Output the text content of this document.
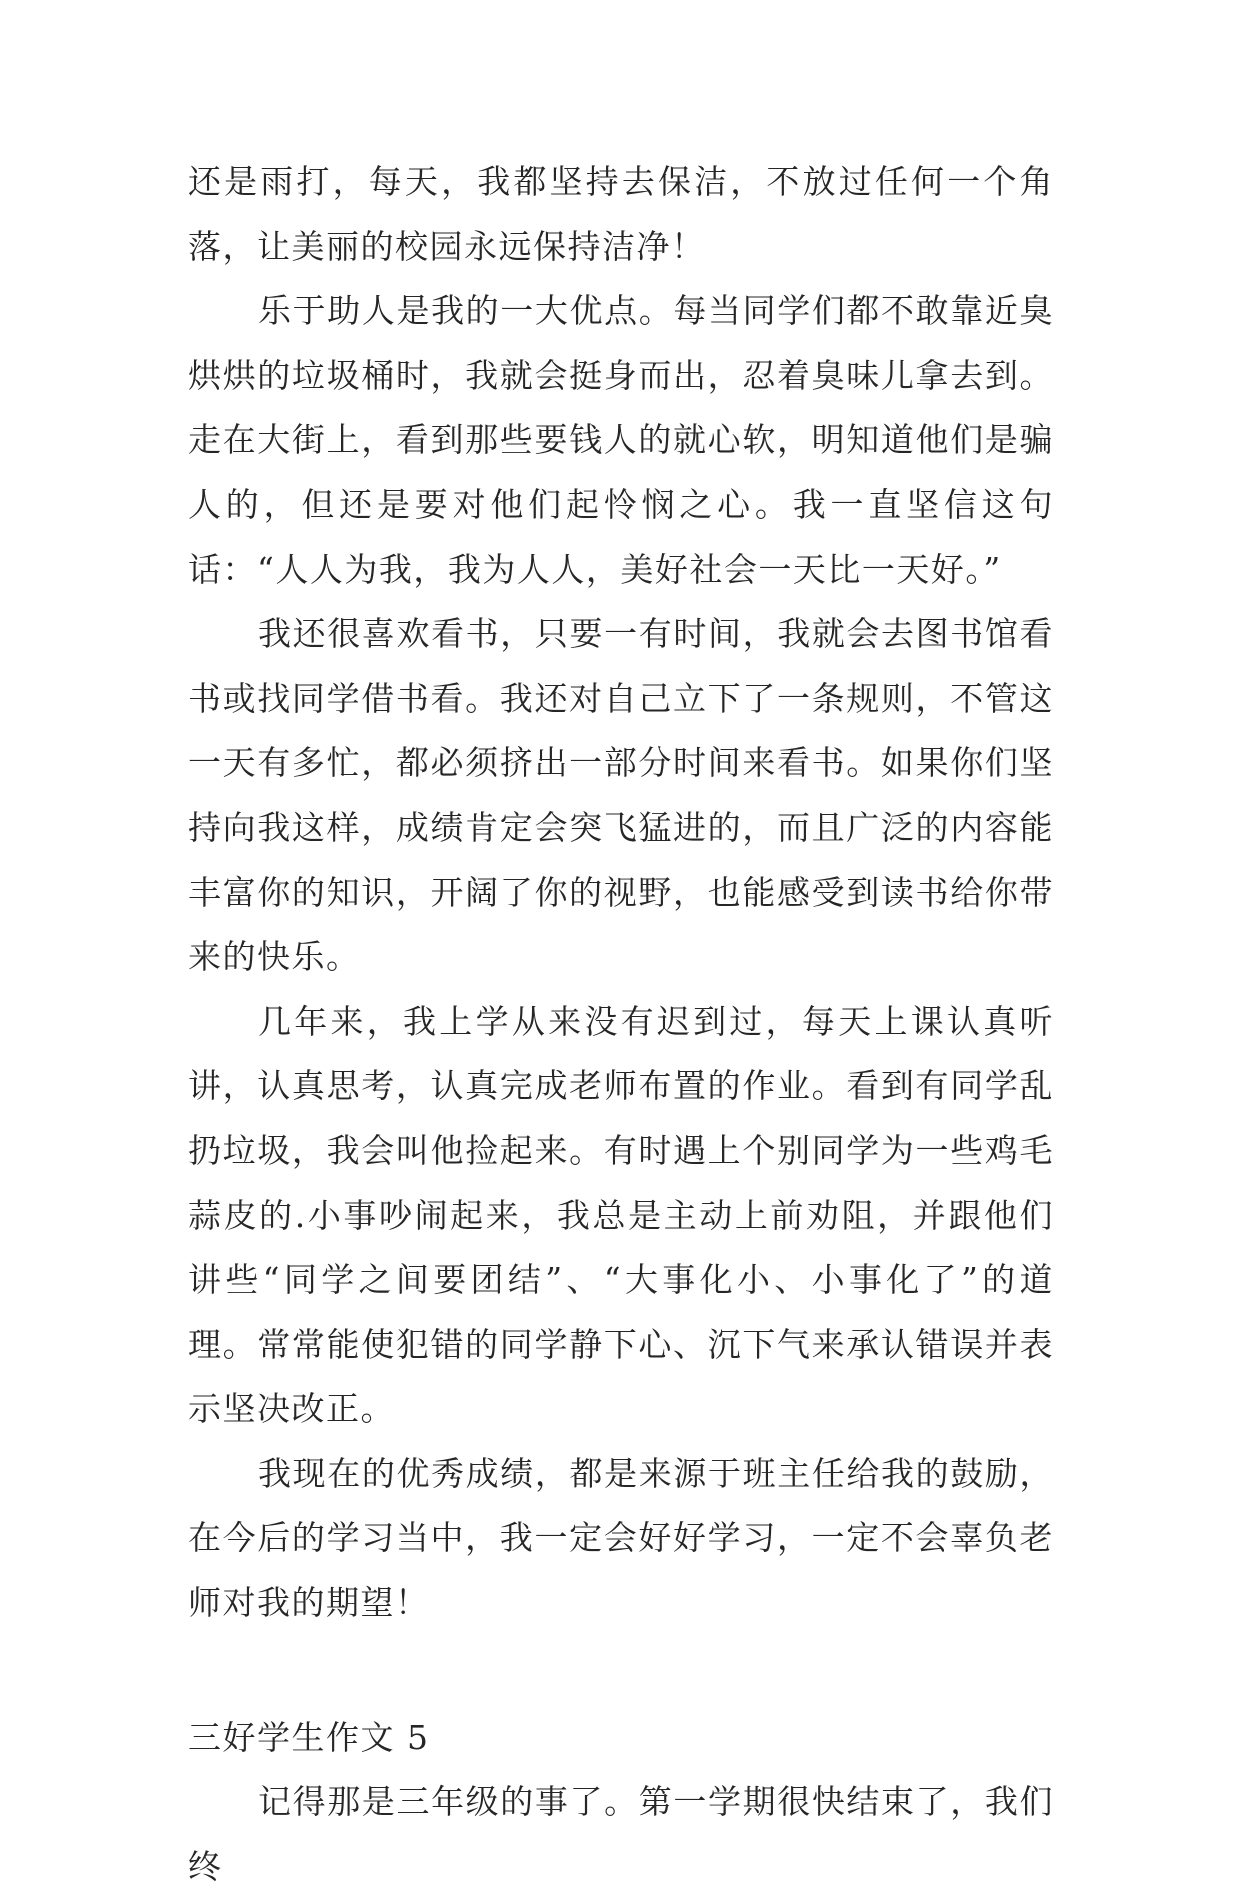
还是雨打，每天，我都坚持去保洁，不放过任何一个角落，让美丽的校园永远保持洁净！

乐于助人是我的一大优点。每当同学们都不敢靠近臭烘烘的垃圾桶时，我就会挺身而出，忍着臭味儿拿去到。走在大街上，看到那些要钱人的就心软，明知道他们是骗人的，但还是要对他们起怜悯之心。我一直坚信这句话：“人人为我，我为人人，美好社会一天比一天好。”

我还很喜欢看书，只要一有时间，我就会去图书馆看书或找同学借书看。我还对自己立下了一条规则，不管这一天有多忙，都必须挤出一部分时间来看书。如果你们坚持向我这样，成绩肯定会突飞猛进的，而且广泛的内容能丰富你的知识，开阔了你的视野，也能感受到读书给你带来的快乐。

几年来，我上学从来没有迟到过，每天上课认真听讲，认真思考，认真完成老师布置的作业。看到有同学乱扔垃圾，我会叫他捡起来。有时遇上个别同学为一些鸡毛蒜皮的.小事吵闹起来，我总是主动上前劝阻，并跟他们讲些“同学之间要团结”、“大事化小、小事化了”的道理。常常能使犯错的同学静下心、沉下气来承认错误并表示坚决改正。

我现在的优秀成绩，都是来源于班主任给我的鼓励，在今后的学习当中，我一定会好好学习，一定不会辜负老师对我的期望！

三好学生作文 5

记得那是三年级的事了。第一学期很快结束了，我们终
